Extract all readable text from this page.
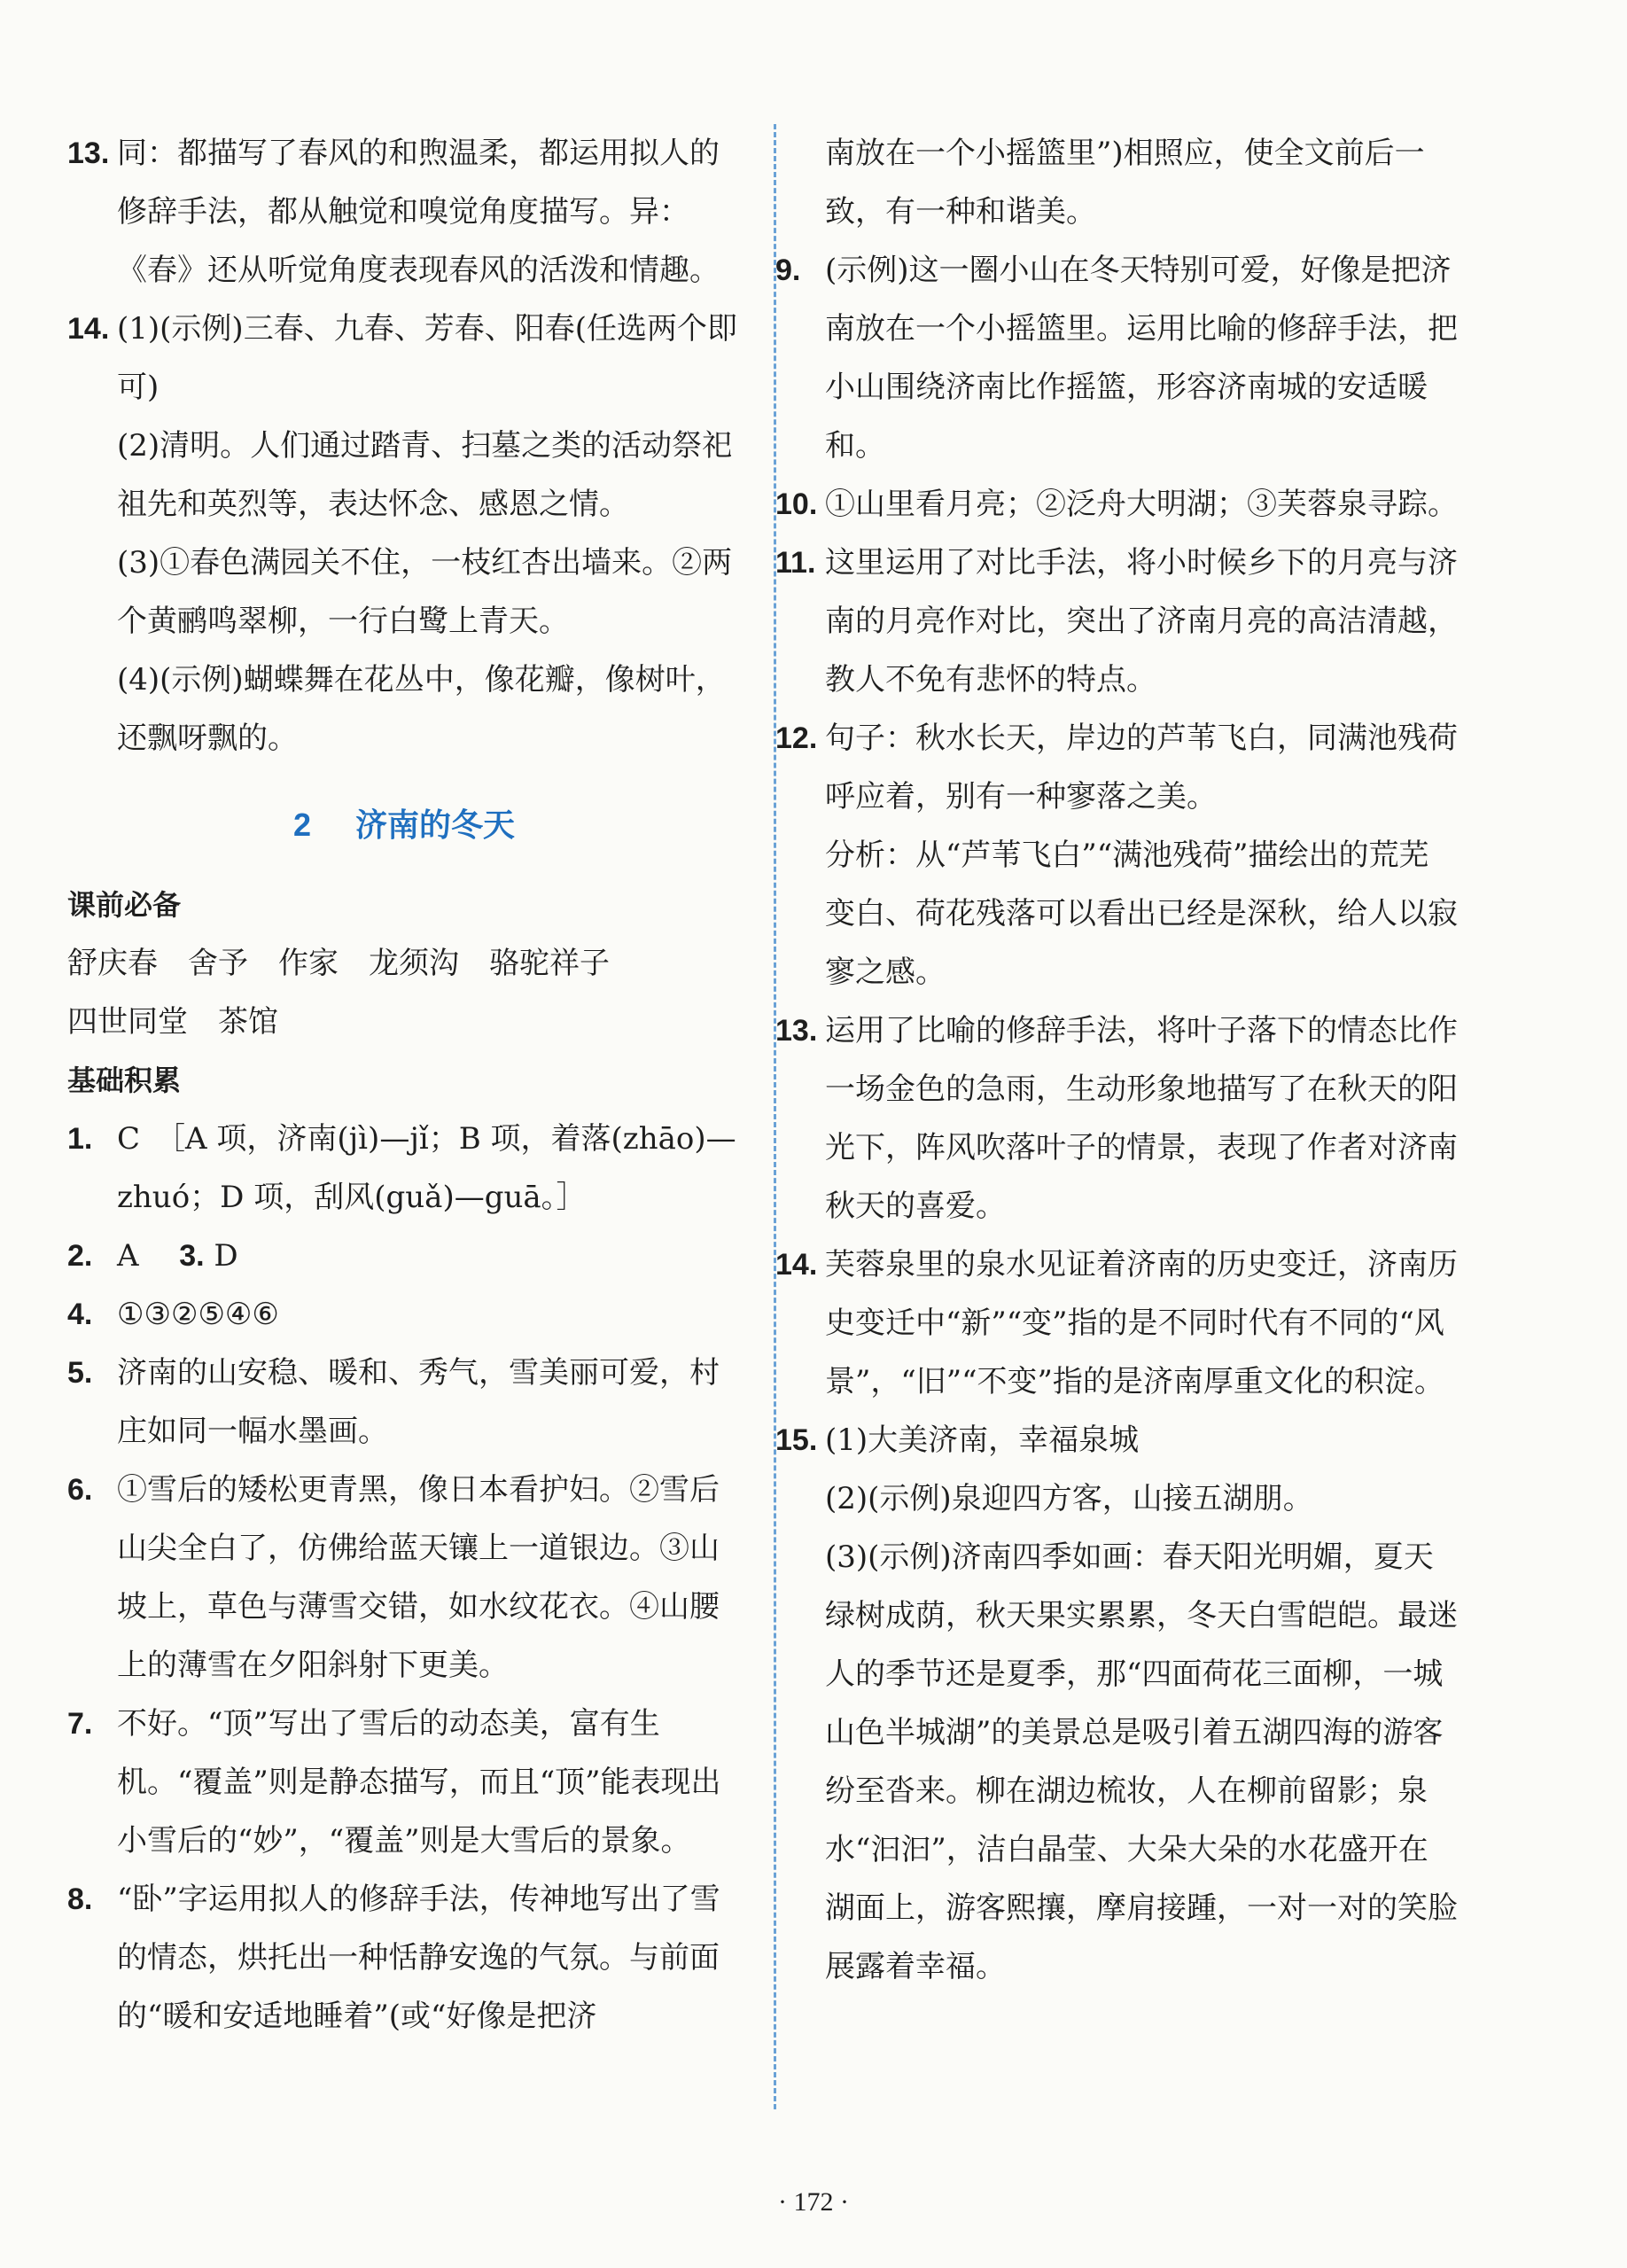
13. 同：都描写了春风的和煦温柔，都运用拟人的修辞手法，都从触觉和嗅觉角度描写。异：《春》还从听觉角度表现春风的活泼和情趣。
14. (1)(示例)三春、九春、芳春、阳春(任选两个即可)
(2)清明。人们通过踏青、扫墓之类的活动祭祀祖先和英烈等，表达怀念、感恩之情。
(3)①春色满园关不住，一枝红杏出墙来。②两个黄鹂鸣翠柳，一行白鹭上青天。
(4)(示例)蝴蝶舞在花丛中，像花瓣，像树叶，还飘呀飘的。
2 济南的冬天
课前必备
舒庆春　舍予　作家　龙须沟　骆驼祥子
四世同堂　茶馆
基础积累
1. C　［A 项，济南(jì)—jǐ；B 项，着落(zhāo)—zhuó；D 项，刮风(guǎ)—guā。］
2. A 3. D
4. ①③②⑤④⑥
5. 济南的山安稳、暖和、秀气，雪美丽可爱，村庄如同一幅水墨画。
6. ①雪后的矮松更青黑，像日本看护妇。②雪后山尖全白了，仿佛给蓝天镶上一道银边。③山坡上，草色与薄雪交错，如水纹花衣。④山腰上的薄雪在夕阳斜射下更美。
7. 不好。“顶”写出了雪后的动态美，富有生机。“覆盖”则是静态描写，而且“顶”能表现出小雪后的“妙”，“覆盖”则是大雪后的景象。
8. “卧”字运用拟人的修辞手法，传神地写出了雪的情态，烘托出一种恬静安逸的气氛。与前面的“暖和安适地睡着”(或“好像是把济
南放在一个小摇篮里”)相照应，使全文前后一致，有一种和谐美。
9. (示例)这一圈小山在冬天特别可爱，好像是把济南放在一个小摇篮里。运用比喻的修辞手法，把小山围绕济南比作摇篮，形容济南城的安适暖和。
10. ①山里看月亮；②泛舟大明湖；③芙蓉泉寻踪。
11. 这里运用了对比手法，将小时候乡下的月亮与济南的月亮作对比，突出了济南月亮的高洁清越，教人不免有悲怀的特点。
12. 句子：秋水长天，岸边的芦苇飞白，同满池残荷呼应着，别有一种寥落之美。
分析：从“芦苇飞白”“满池残荷”描绘出的荒芜变白、荷花残落可以看出已经是深秋，给人以寂寥之感。
13. 运用了比喻的修辞手法，将叶子落下的情态比作一场金色的急雨，生动形象地描写了在秋天的阳光下，阵风吹落叶子的情景，表现了作者对济南秋天的喜爱。
14. 芙蓉泉里的泉水见证着济南的历史变迁，济南历史变迁中“新”“变”指的是不同时代有不同的“风景”，“旧”“不变”指的是济南厚重文化的积淀。
15. (1)大美济南，幸福泉城
(2)(示例)泉迎四方客，山接五湖朋。
(3)(示例)济南四季如画：春天阳光明媚，夏天绿树成荫，秋天果实累累，冬天白雪皑皑。最迷人的季节还是夏季，那“四面荷花三面柳，一城山色半城湖”的美景总是吸引着五湖四海的游客纷至沓来。柳在湖边梳妆，人在柳前留影；泉水“汩汩”，洁白晶莹、大朵大朵的水花盛开在湖面上，游客熙攘，摩肩接踵，一对一对的笑脸展露着幸福。
· 172 ·
